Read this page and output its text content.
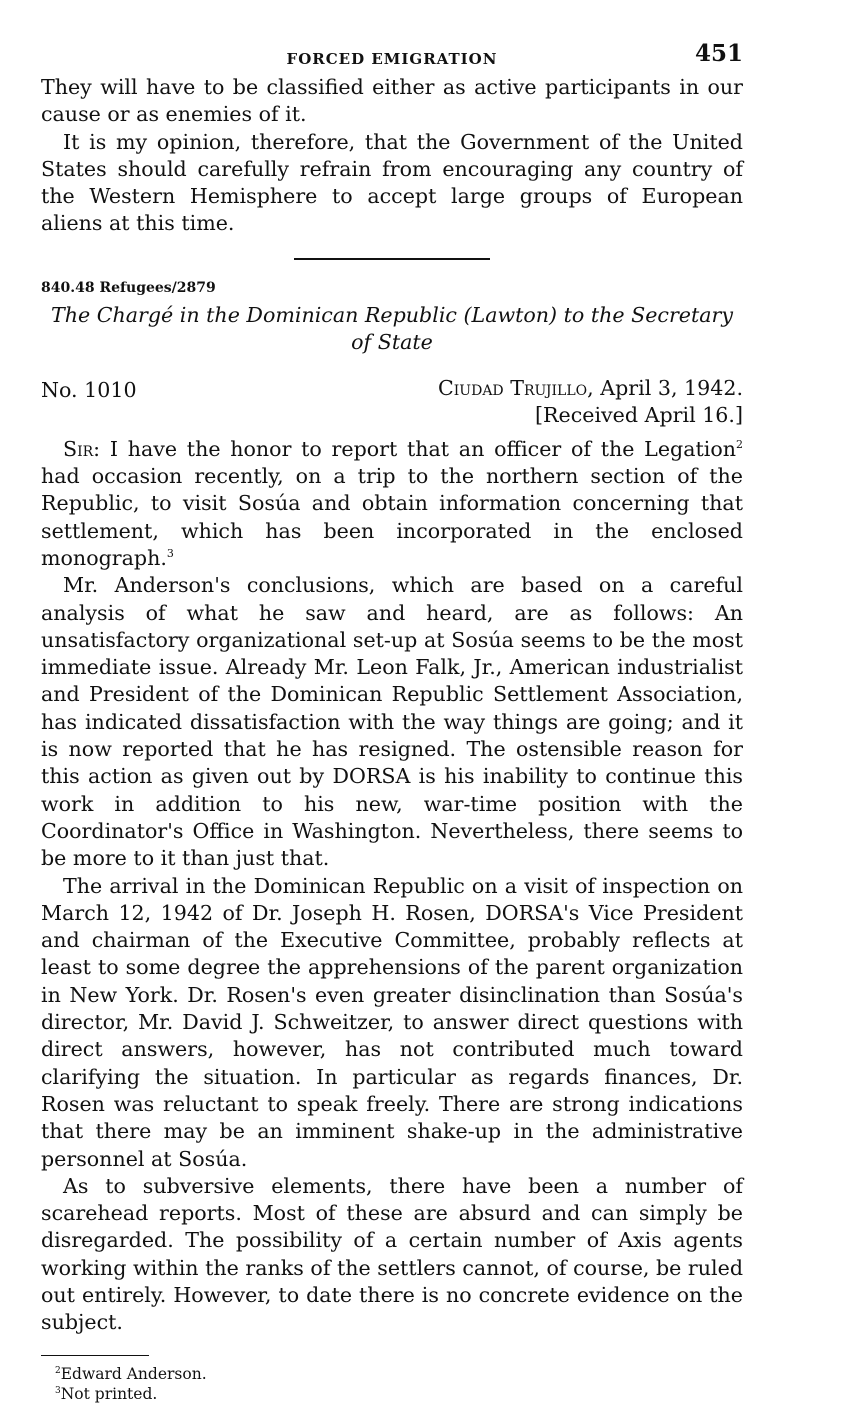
FORCED EMIGRATION	451

They will have to be classified either as active participants in our cause or as enemies of it.

It is my opinion, therefore, that the Government of the United States should carefully refrain from encouraging any country of the Western Hemisphere to accept large groups of European aliens at this time.

840.48 Refugees/2879
The Chargé in the Dominican Republic (Lawton) to the Secretary of State
No. 1010	Ciudad Trujillo, April 3, 1942.
[Received April 16.]

Sir: I have the honor to report that an officer of the Legation$^2$ had occasion recently, on a trip to the northern section of the Republic, to visit Sosúa and obtain information concerning that settlement, which has been incorporated in the enclosed monograph.$^3$

Mr. Anderson's conclusions, which are based on a careful analysis of what he saw and heard, are as follows: An unsatisfactory organizational set-up at Sosúa seems to be the most immediate issue. Already Mr. Leon Falk, Jr., American industrialist and President of the Dominican Republic Settlement Association, has indicated dissatisfaction with the way things are going; and it is now reported that he has resigned. The ostensible reason for this action as given out by DORSA is his inability to continue this work in addition to his new, war-time position with the Coordinator's Office in Washington. Nevertheless, there seems to be more to it than just that.

The arrival in the Dominican Republic on a visit of inspection on March 12, 1942 of Dr. Joseph H. Rosen, DORSA's Vice President and chairman of the Executive Committee, probably reflects at least to some degree the apprehensions of the parent organization in New York. Dr. Rosen's even greater disinclination than Sosúa's director, Mr. David J. Schweitzer, to answer direct questions with direct answers, however, has not contributed much toward clarifying the situation. In particular as regards finances, Dr. Rosen was reluctant to speak freely. There are strong indications that there may be an imminent shake-up in the administrative personnel at Sosúa.

As to subversive elements, there have been a number of scarehead reports. Most of these are absurd and can simply be disregarded. The possibility of a certain number of Axis agents working within the ranks of the settlers cannot, of course, be ruled out entirely. However, to date there is no concrete evidence on the subject.

$^2$Edward Anderson.
$^3$Not printed.
